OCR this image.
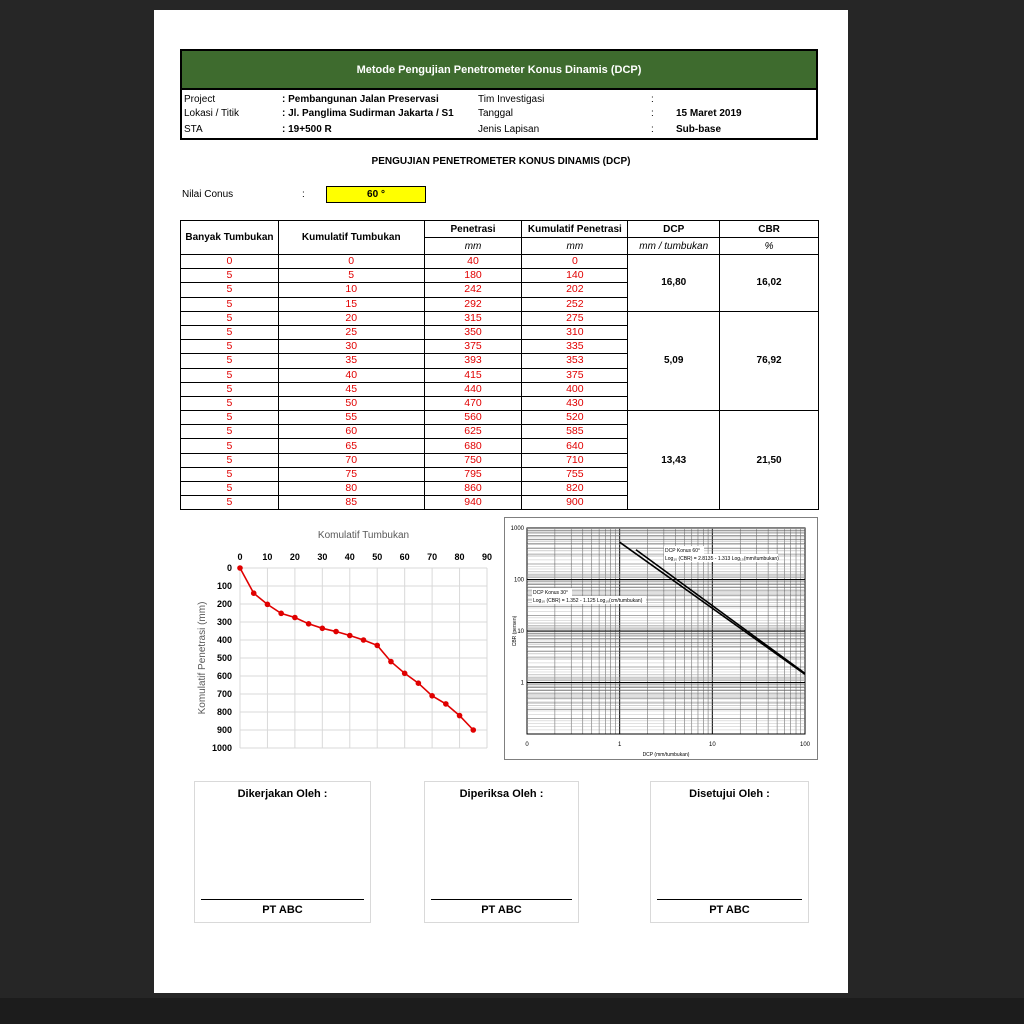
Metode Pengujian Penetrometer Konus Dinamis (DCP)
Project	: Pembangunan Jalan Preservasi
Lokasi / Titik	: Jl. Panglima Sudirman Jakarta / S1
STA	: 19+500 R
Tim Investigasi	:
Tanggal	: 15 Maret 2019
Jenis Lapisan	: Sub-base
PENGUJIAN PENETROMETER KONUS DINAMIS (DCP)
Nilai Conus	:	60 °
Banyak Tumbukan	Kumulatif Tumbukan	Penetrasi	Kumulatif Penetrasi	DCP	CBR
		mm	mm	mm / tumbukan	%
0	0	40	0	16,80	16,02
5	5	180	140		
5	10	242	202		
5	15	292	252		
5	20	315	275	5,09	76,92
5	25	350	310		
5	30	375	335		
5	35	393	353		
5	40	415	375		
5	45	440	400		
5	50	470	430		
5	55	560	520	13,43	21,50
5	60	625	585		
5	65	680	640		
5	70	750	710		
5	75	795	755		
5	80	860	820		
5	85	940	900		
Komulatif Tumbukan
0 10 20 30 40 50 60 70 80 90
0
100
200
300
400
500
600
700
800
900
1000
Komulatif Penetrasi (mm)
0	1	10	100
1000
100
10
1
DCP (mm/tumbukan)
CBR (persen)
DCP Konus 60°
Log₁₀ (CBR) = 2.8135 - 1.313 Log₁₀(mm/tumbukan)
DCP Konus 30°
Log₁₀ (CBR) = 1.352 - 1.125 Log₁₀(cm/tumbukan)
Dikerjakan Oleh :
PT ABC
Diperiksa Oleh :
PT ABC
Disetujui Oleh :
PT ABC
